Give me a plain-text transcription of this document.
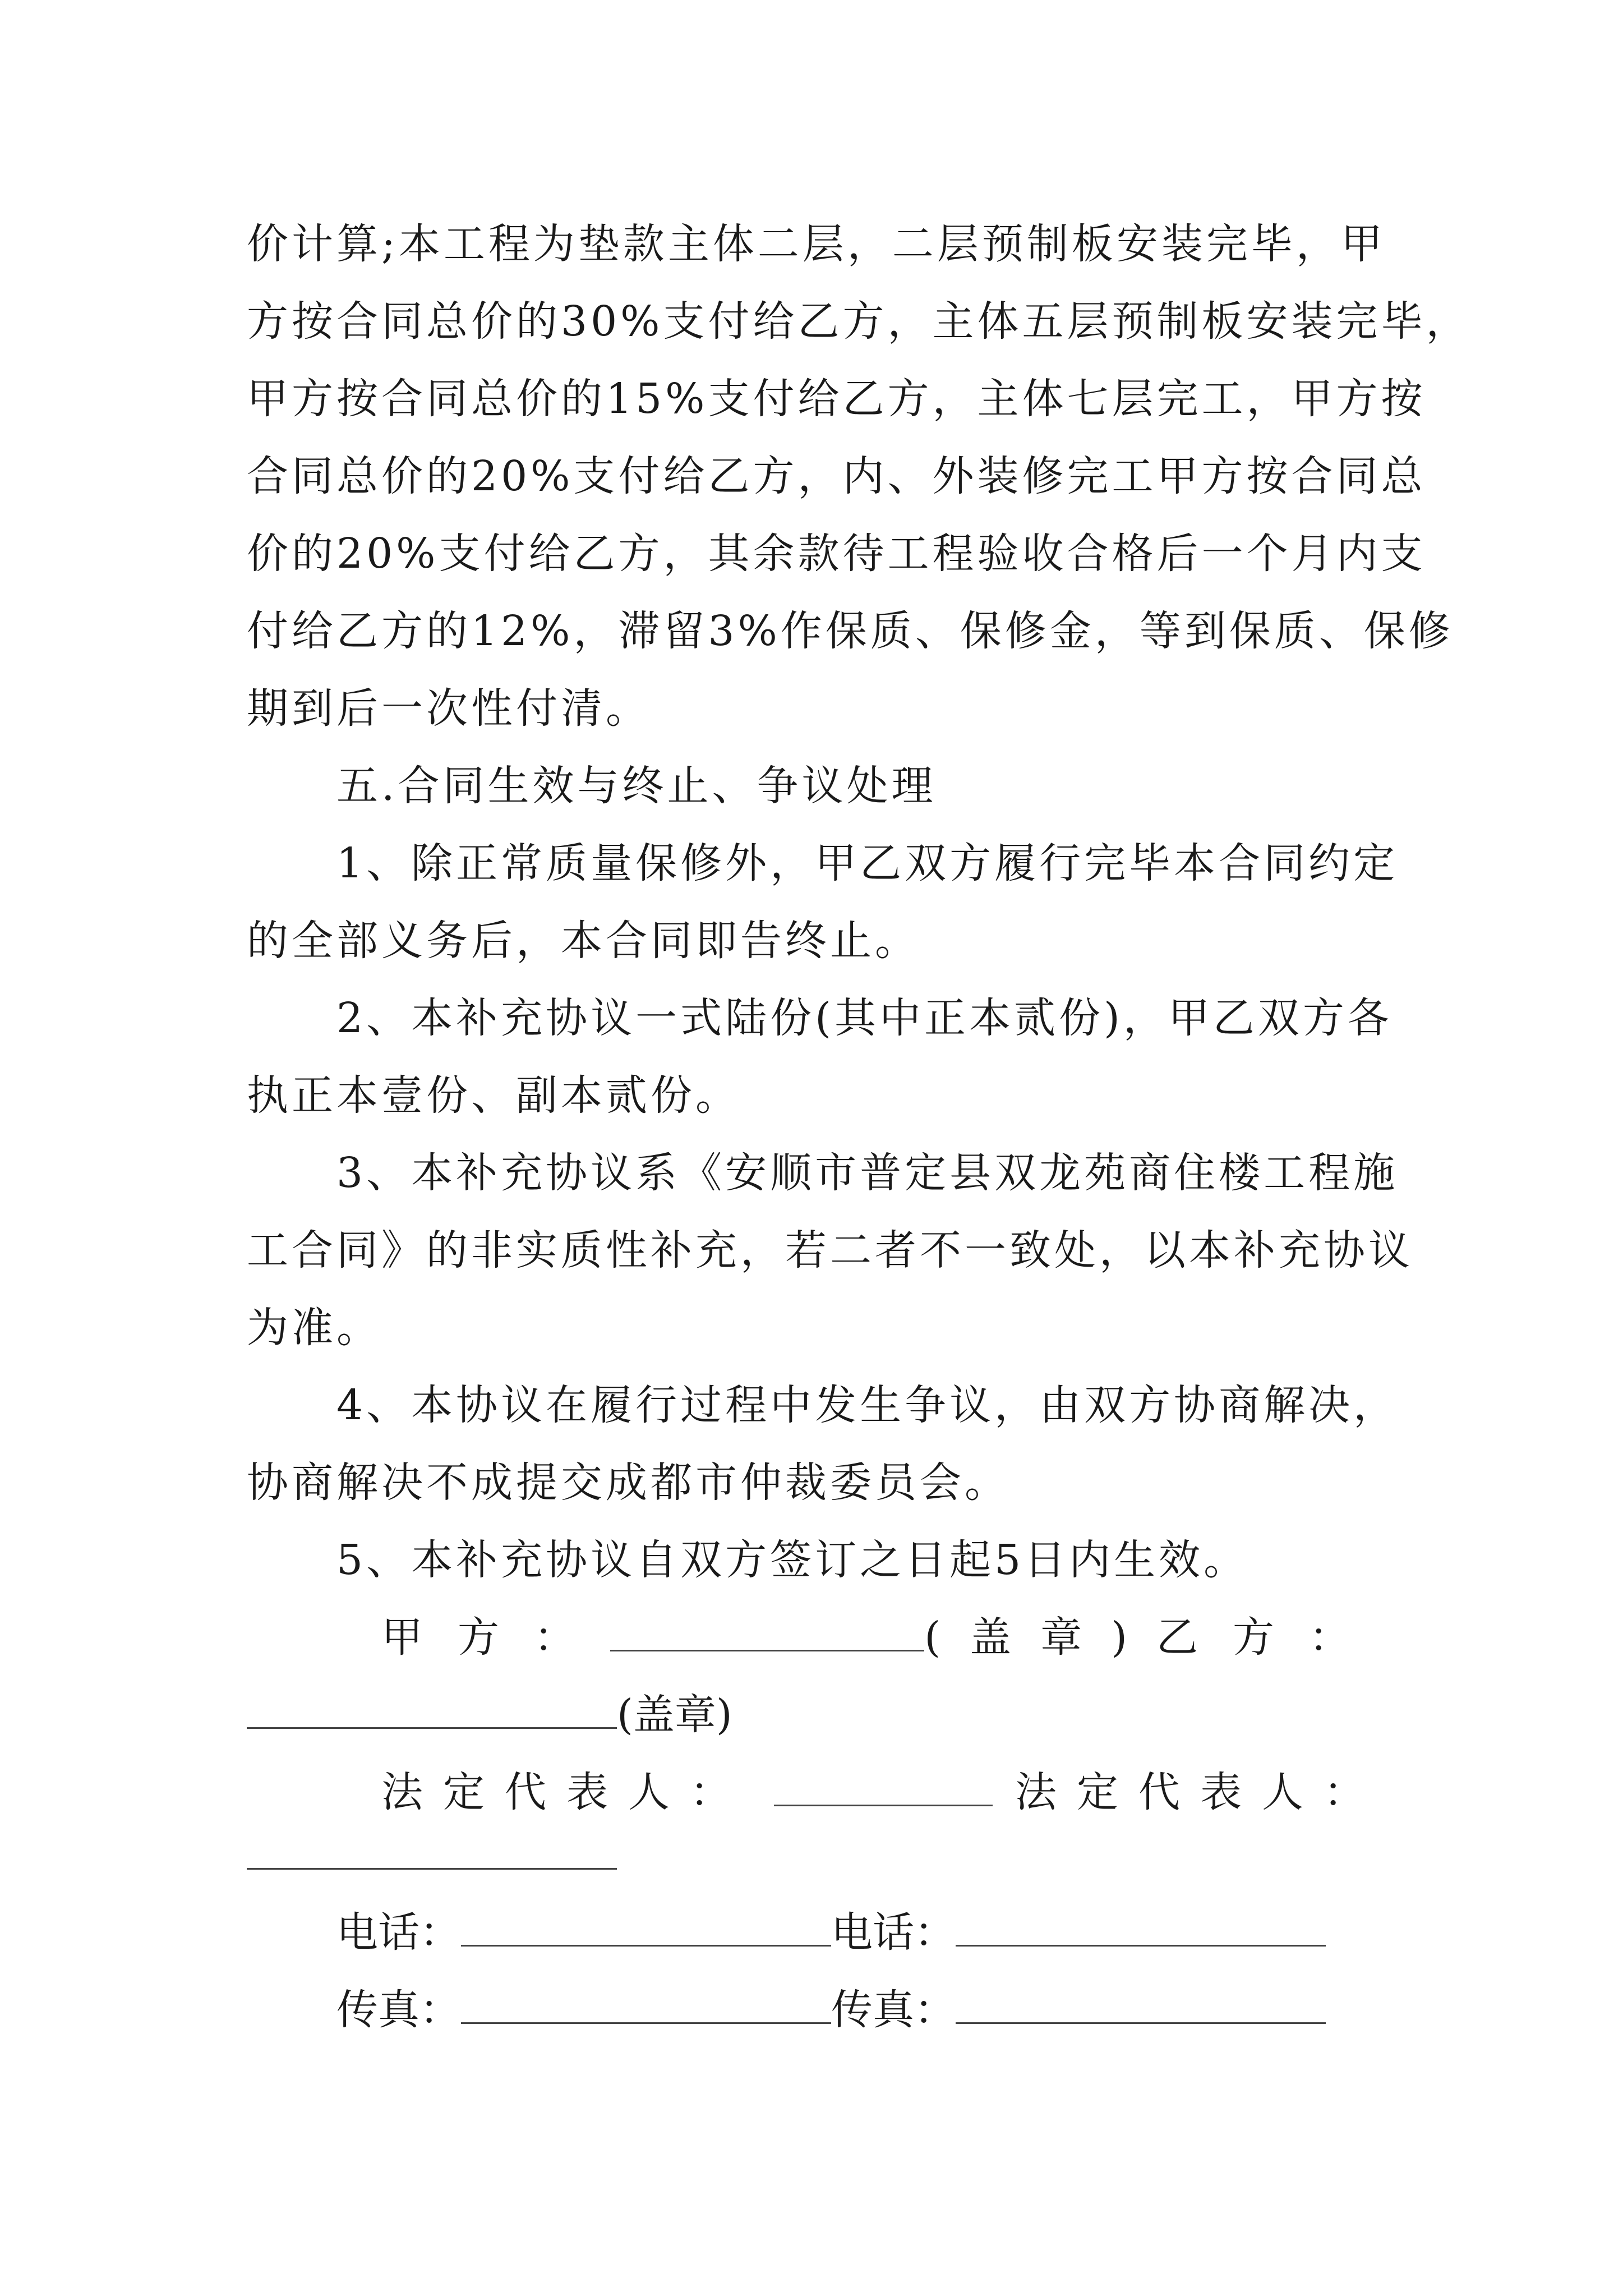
价计算;本工程为垫款主体二层，二层预制板安装完毕，甲
方按合同总价的30%支付给乙方，主体五层预制板安装完毕，
甲方按合同总价的15%支付给乙方，主体七层完工，甲方按
合同总价的20%支付给乙方，内、外装修完工甲方按合同总
价的20%支付给乙方，其余款待工程验收合格后一个月内支
付给乙方的12%，滞留3%作保质、保修金，等到保质、保修
期到后一次性付清。
五.合同生效与终止、争议处理
1、除正常质量保修外，甲乙双方履行完毕本合同约定
的全部义务后，本合同即告终止。
2、本补充协议一式陆份(其中正本贰份)，甲乙双方各
执正本壹份、副本贰份。
3、本补充协议系《安顺市普定县双龙苑商住楼工程施
工合同》的非实质性补充，若二者不一致处，以本补充协议
为准。
4、本协议在履行过程中发生争议，由双方协商解决，
协商解决不成提交成都市仲裁委员会。
5、本补充协议自双方签订之日起5日内生效。
甲方：	(盖章) 乙方：
(盖章)
法定代表人：	法定代表人：
电话：	电话：
传真：	传真：
